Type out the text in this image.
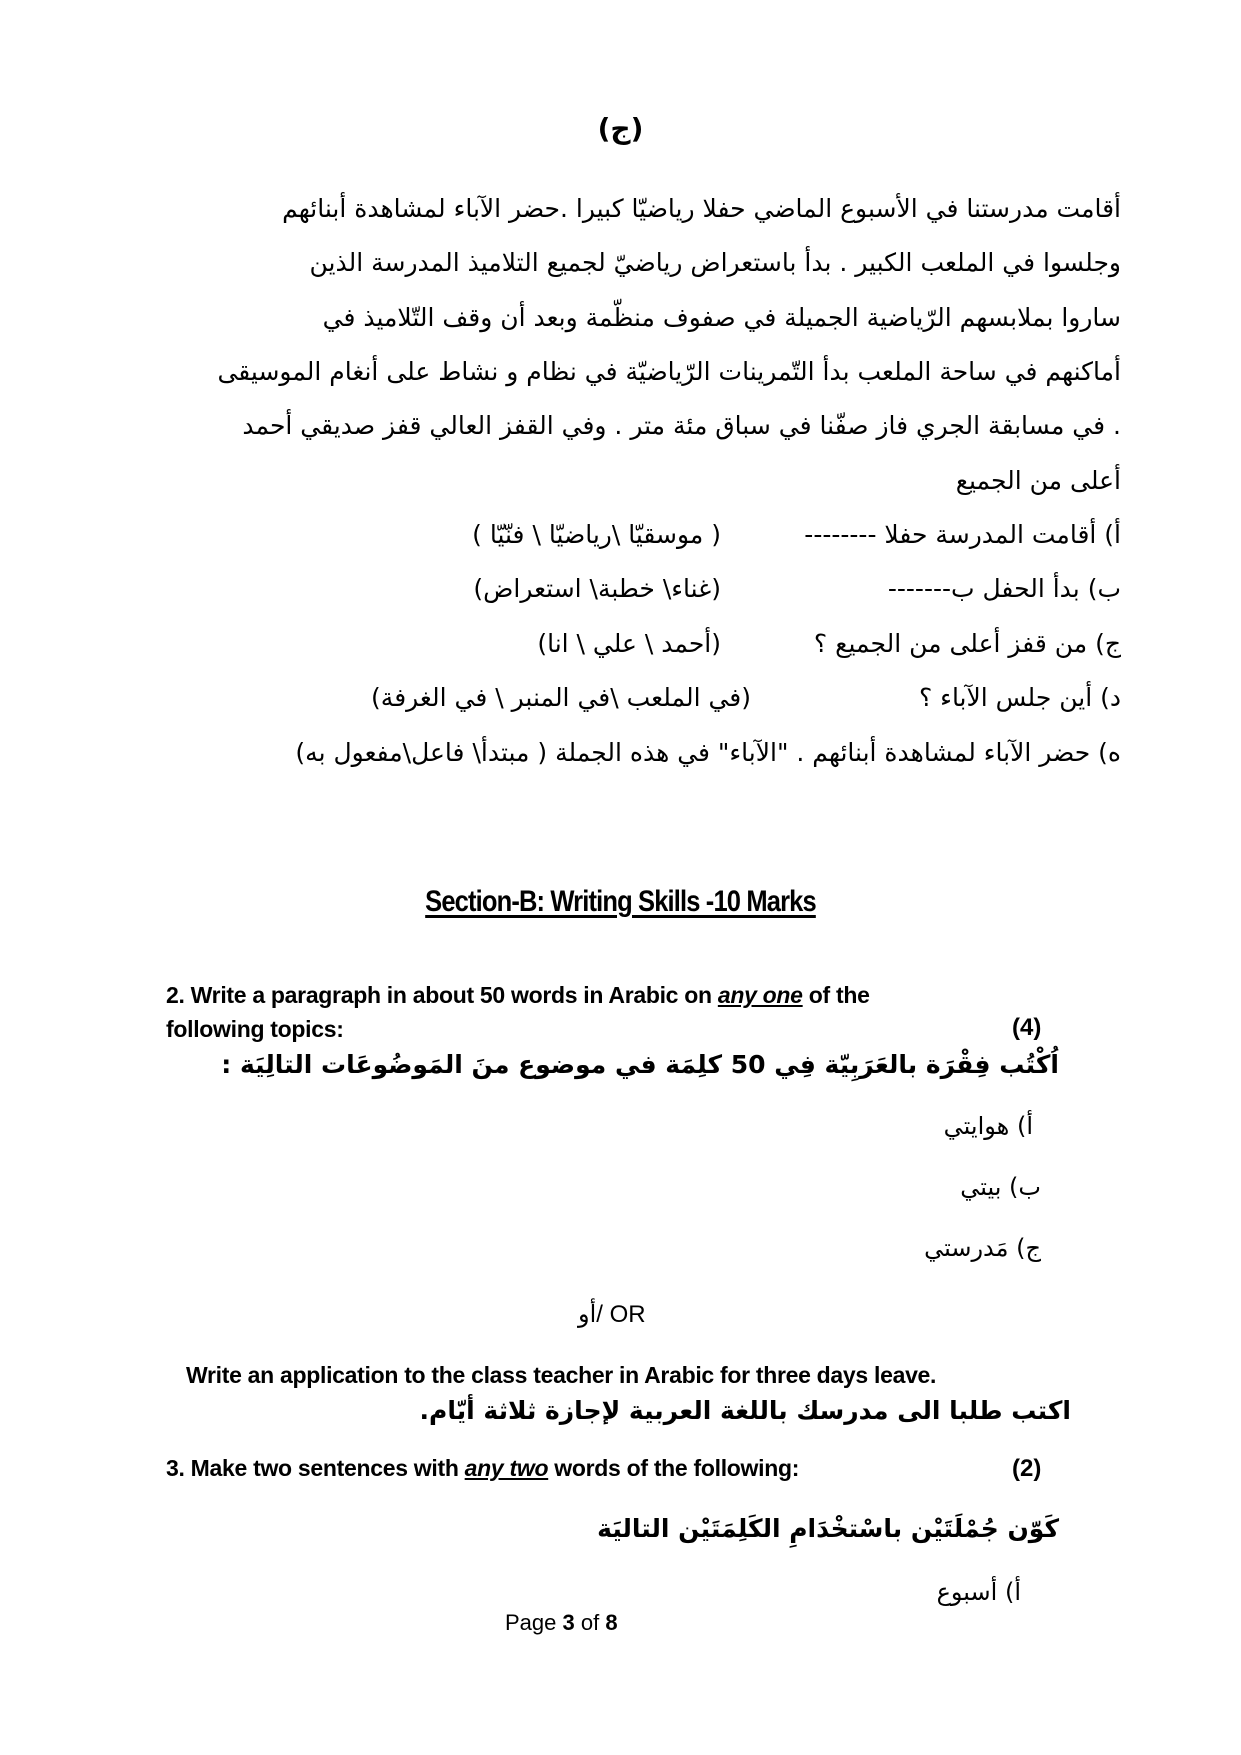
(ج)
أقامت مدرستنا في الأسبوع الماضي حفلا رياضيّا كبيرا .حضر الآباء لمشاهدة أبنائهم
وجلسوا في الملعب الكبير . بدأ باستعراض رياضيّ لجميع التلاميذ المدرسة الذين
ساروا بملابسهم الرّياضية الجميلة في صفوف منظّمة وبعد أن وقف التّلاميذ في
أماكنهم في ساحة الملعب بدأ التّمرينات الرّياضيّة في نظام و نشاط على أنغام الموسيقى
. في مسابقة الجري فاز صفّنا في سباق مئة متر . وفي القفز العالي قفز صديقي أحمد
أعلى من الجميع
أ) أقامت المدرسة حفلا --------
( موسقيّا \رياضيّا \ فنّيّا )
ب) بدأ الحفل ب-------
(غناء\ خطبة\ استعراض)
ج) من قفز أعلى من الجميع ؟
(أحمد \ علي \ انا)
د) أين جلس الآباء ؟
(في الملعب \في المنبر \ في الغرفة)
ه) حضر الآباء لمشاهدة أبنائهم . "الآباء" في هذه الجملة ( مبتدأ\ فاعل\مفعول به)
Section-B: Writing Skills -10 Marks
2. Write a paragraph in about 50 words in Arabic on any one of the
following topics:	(4)
اُكْتُب فِقْرَة بالعَرَبِيّة فِي 50 كلِمَة في موضوع منَ المَوضُوعَات التالِيَة :
أ) هوايتي
ب) بيتي
ج) مَدرستي
أو/ OR
Write an application to the class teacher in Arabic for three days leave.
اكتب طلبا الى مدرسك باللغة العربية لإجازة ثلاثة أيّام.
3. Make two sentences with any two words of the following:	(2)
كَوّن جُمْلَتَيْن باسْتخْدَامِ الكَلِمَتَيْن التاليَة
أ) أسبوع
Page 3 of 8
